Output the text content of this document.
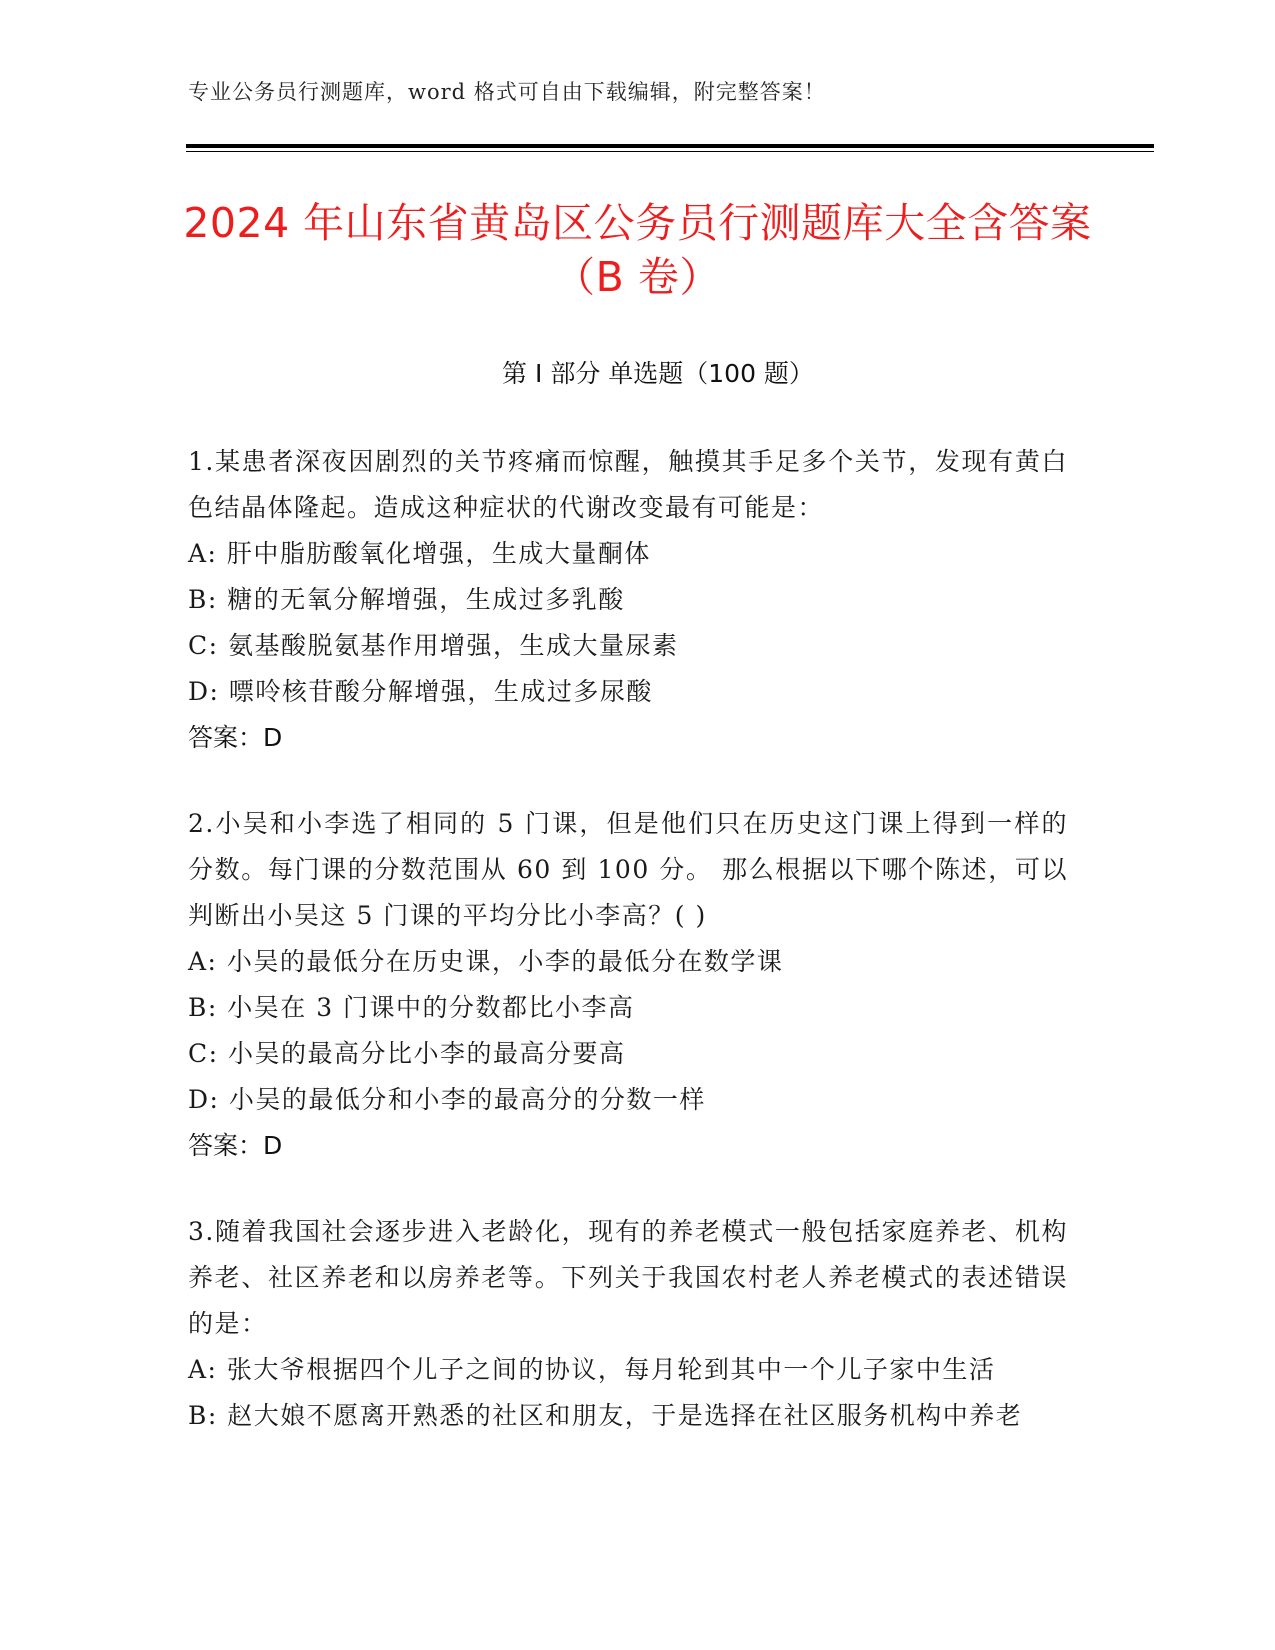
专业公务员行测题库，word 格式可自由下载编辑，附完整答案！
2024 年山东省黄岛区公务员行测题库大全含答案（B 卷）
第 I 部分 单选题（100 题）
1.某患者深夜因剧烈的关节疼痛而惊醒，触摸其手足多个关节，发现有黄白色结晶体隆起。造成这种症状的代谢改变最有可能是：
A: 肝中脂肪酸氧化增强，生成大量酮体
B: 糖的无氧分解增强，生成过多乳酸
C: 氨基酸脱氨基作用增强，生成大量尿素
D: 嘌呤核苷酸分解增强，生成过多尿酸
答案：D
2.小吴和小李选了相同的 5 门课，但是他们只在历史这门课上得到一样的分数。每门课的分数范围从 60 到 100 分。 那么根据以下哪个陈述，可以判断出小吴这 5 门课的平均分比小李高？( )
A: 小吴的最低分在历史课，小李的最低分在数学课
B: 小吴在 3 门课中的分数都比小李高
C: 小吴的最高分比小李的最高分要高
D: 小吴的最低分和小李的最高分的分数一样
答案：D
3.随着我国社会逐步进入老龄化，现有的养老模式一般包括家庭养老、机构养老、社区养老和以房养老等。下列关于我国农村老人养老模式的表述错误的是：
A: 张大爷根据四个儿子之间的协议，每月轮到其中一个儿子家中生活
B: 赵大娘不愿离开熟悉的社区和朋友，于是选择在社区服务机构中养老
